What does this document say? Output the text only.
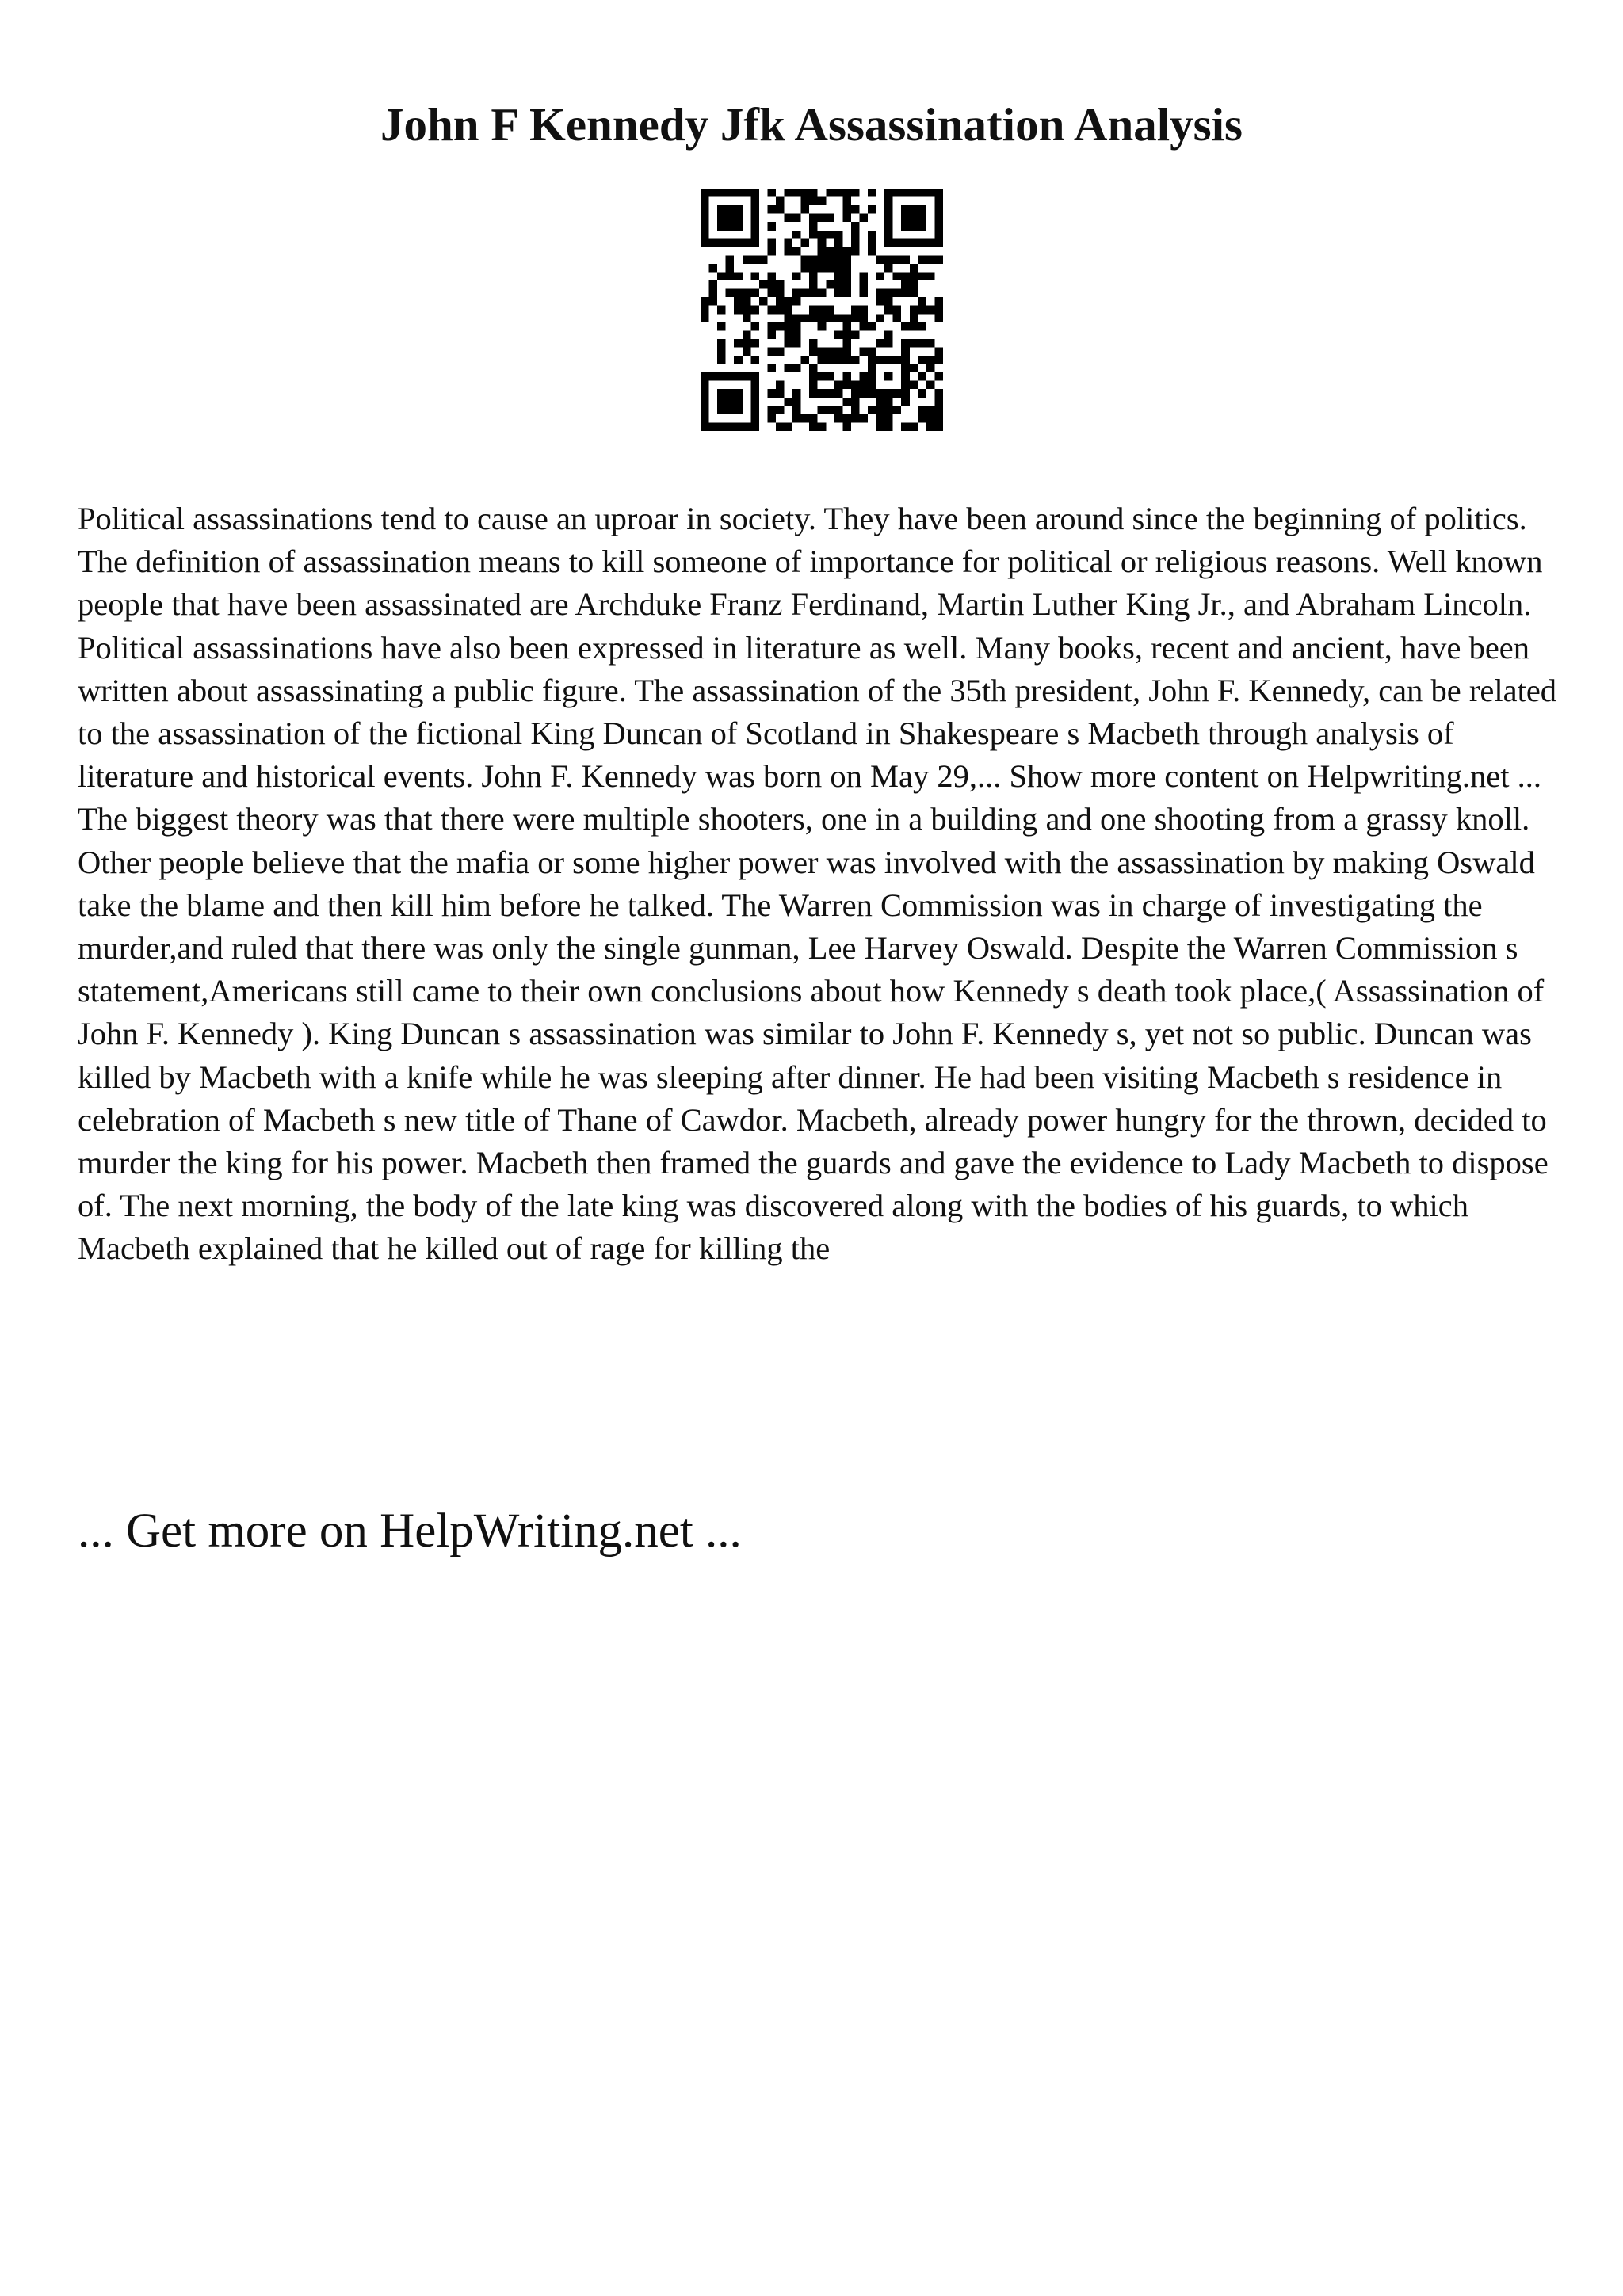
John F Kennedy Jfk Assassination Analysis

Political assassinations tend to cause an uproar in society. They have been around since the beginning of politics. The definition of assassination means to kill someone of importance for political or religious reasons. Well known people that have been assassinated are Archduke Franz Ferdinand, Martin Luther King Jr., and Abraham Lincoln. Political assassinations have also been expressed in literature as well. Many books, recent and ancient, have been written about assassinating a public figure. The assassination of the 35th president, John F. Kennedy, can be related to the assassination of the fictional King Duncan of Scotland in Shakespeare s Macbeth through analysis of literature and historical events. John F. Kennedy was born on May 29,... Show more content on Helpwriting.net ...

The biggest theory was that there were multiple shooters, one in a building and one shooting from a grassy knoll. Other people believe that the mafia or some higher power was involved with the assassination by making Oswald take the blame and then kill him before he talked. The Warren Commission was in charge of investigating the murder,and ruled that there was only the single gunman, Lee Harvey Oswald. Despite the Warren Commission s statement,Americans still came to their own conclusions about how Kennedy s death took place,( Assassination of John F. Kennedy ). King Duncan s assassination was similar to John F. Kennedy s, yet not so public. Duncan was killed by Macbeth with a knife while he was sleeping after dinner. He had been visiting Macbeth s residence in celebration of Macbeth s new title of Thane of Cawdor. Macbeth, already power hungry for the thrown, decided to murder the king for his power. Macbeth then framed the guards and gave the evidence to Lady Macbeth to dispose of. The next morning, the body of the late king was discovered along with the bodies of his guards, to which Macbeth explained that he killed out of rage for killing the

... Get more on HelpWriting.net ...
